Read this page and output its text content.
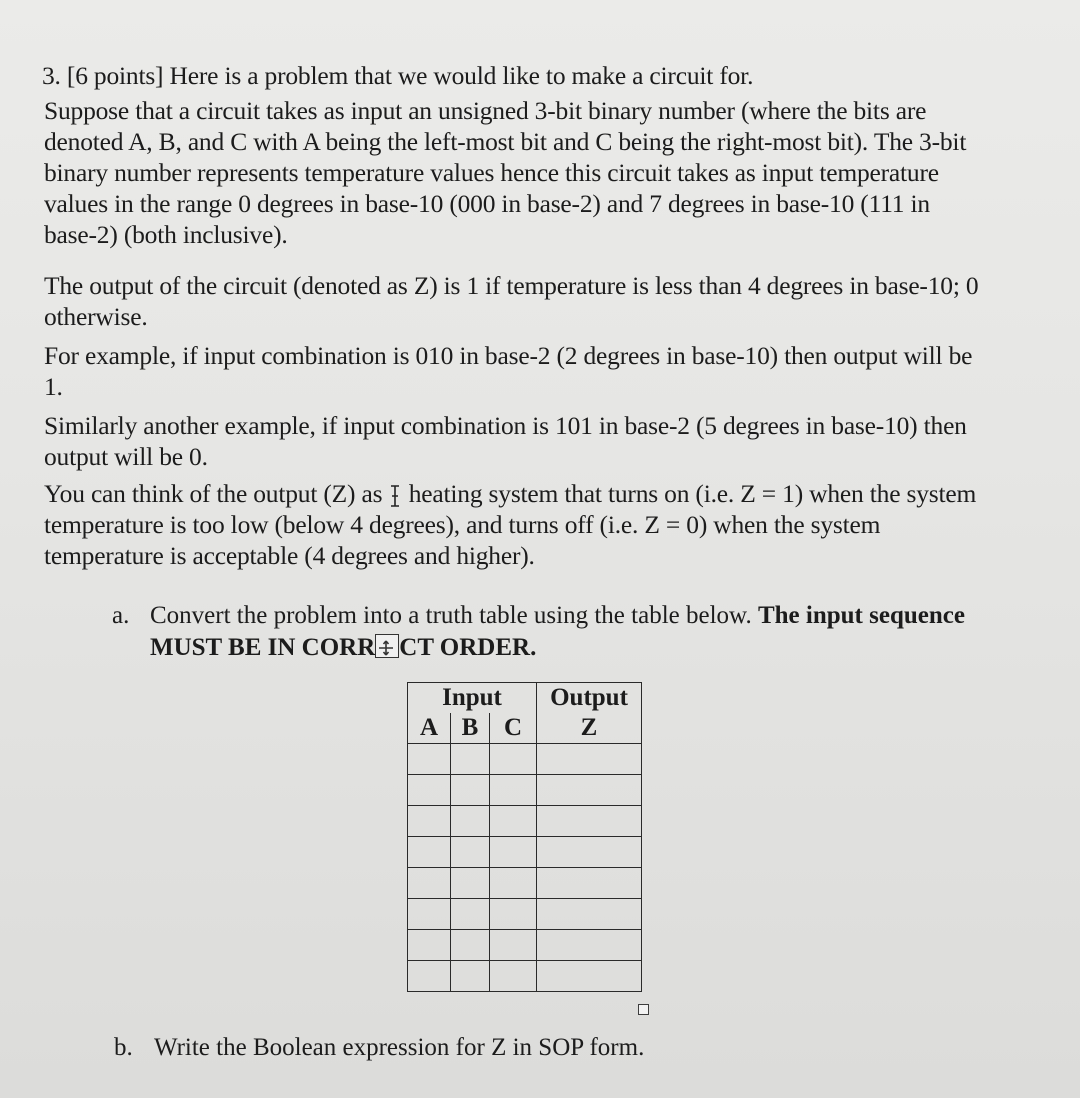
3. [6 points] Here is a problem that we would like to make a circuit for.
Suppose that a circuit takes as input an unsigned 3-bit binary number (where the bits are
denoted A, B, and C with A being the left-most bit and C being the right-most bit). The 3-bit
binary number represents temperature values hence this circuit takes as input temperature
values in the range 0 degrees in base-10 (000 in base-2) and 7 degrees in base-10 (111 in
base-2) (both inclusive).
The output of the circuit (denoted as Z) is 1 if temperature is less than 4 degrees in base-10; 0
otherwise.
For example, if input combination is 010 in base-2 (2 degrees in base-10) then output will be
1.
Similarly another example, if input combination is 101 in base-2 (5 degrees in base-10) then
output will be 0.
You can think of the output (Z) as  heating system that turns on (i.e. Z = 1) when the system
temperature is too low (below 4 degrees), and turns off (i.e. Z = 0) when the system
temperature is acceptable (4 degrees and higher).
a. Convert the problem into a truth table using the table below. The input sequence
MUST BE IN CORR CT ORDER.
Input			Output
A	B	C	Z

b. Write the Boolean expression for Z in SOP form.
